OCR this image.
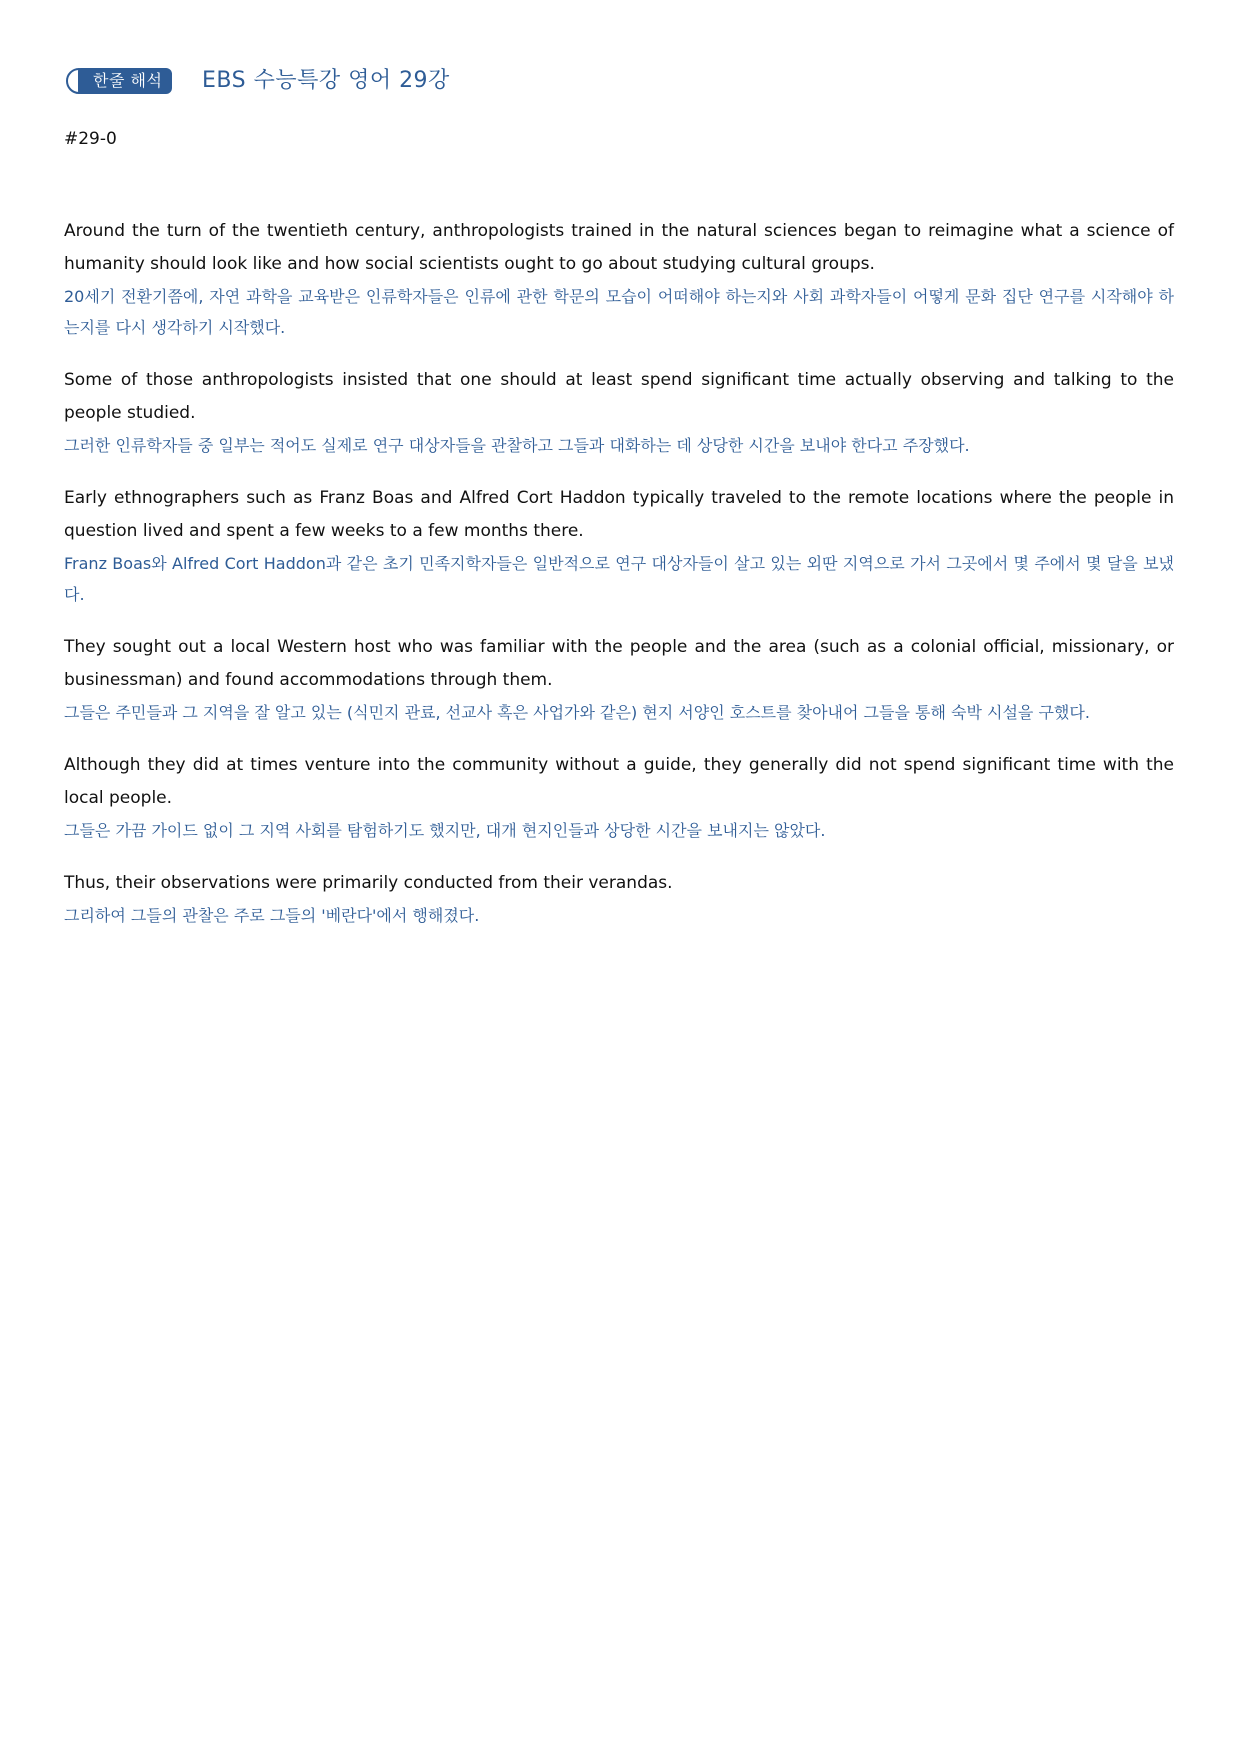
한줄 해석 EBS 수능특강 영어 29강
#29-0

Around the turn of the twentieth century, anthropologists trained in the natural sciences began to reimagine what a science of humanity should look like and how social scientists ought to go about studying cultural groups.

20세기 전환기쯤에, 자연 과학을 교육받은 인류학자들은 인류에 관한 학문의 모습이 어떠해야 하는지와 사회 과학자들이 어떻게 문화 집단 연구를 시작해야 하는지를 다시 생각하기 시작했다.

Some of those anthropologists insisted that one should at least spend significant time actually observing and talking to the people studied.

그러한 인류학자들 중 일부는 적어도 실제로 연구 대상자들을 관찰하고 그들과 대화하는 데 상당한 시간을 보내야 한다고 주장했다.

Early ethnographers such as Franz Boas and Alfred Cort Haddon typically traveled to the remote locations where the people in question lived and spent a few weeks to a few months there.

Franz Boas와 Alfred Cort Haddon과 같은 초기 민족지학자들은 일반적으로 연구 대상자들이 살고 있는 외딴 지역으로 가서 그곳에서 몇 주에서 몇 달을 보냈다.

They sought out a local Western host who was familiar with the people and the area (such as a colonial official, missionary, or businessman) and found accommodations through them.

그들은 주민들과 그 지역을 잘 알고 있는 (식민지 관료, 선교사 혹은 사업가와 같은) 현지 서양인 호스트를 찾아내어 그들을 통해 숙박 시설을 구했다.

Although they did at times venture into the community without a guide, they generally did not spend significant time with the local people.

그들은 가끔 가이드 없이 그 지역 사회를 탐험하기도 했지만, 대개 현지인들과 상당한 시간을 보내지는 않았다.

Thus, their observations were primarily conducted from their verandas.

그리하여 그들의 관찰은 주로 그들의 '베란다'에서 행해졌다.
